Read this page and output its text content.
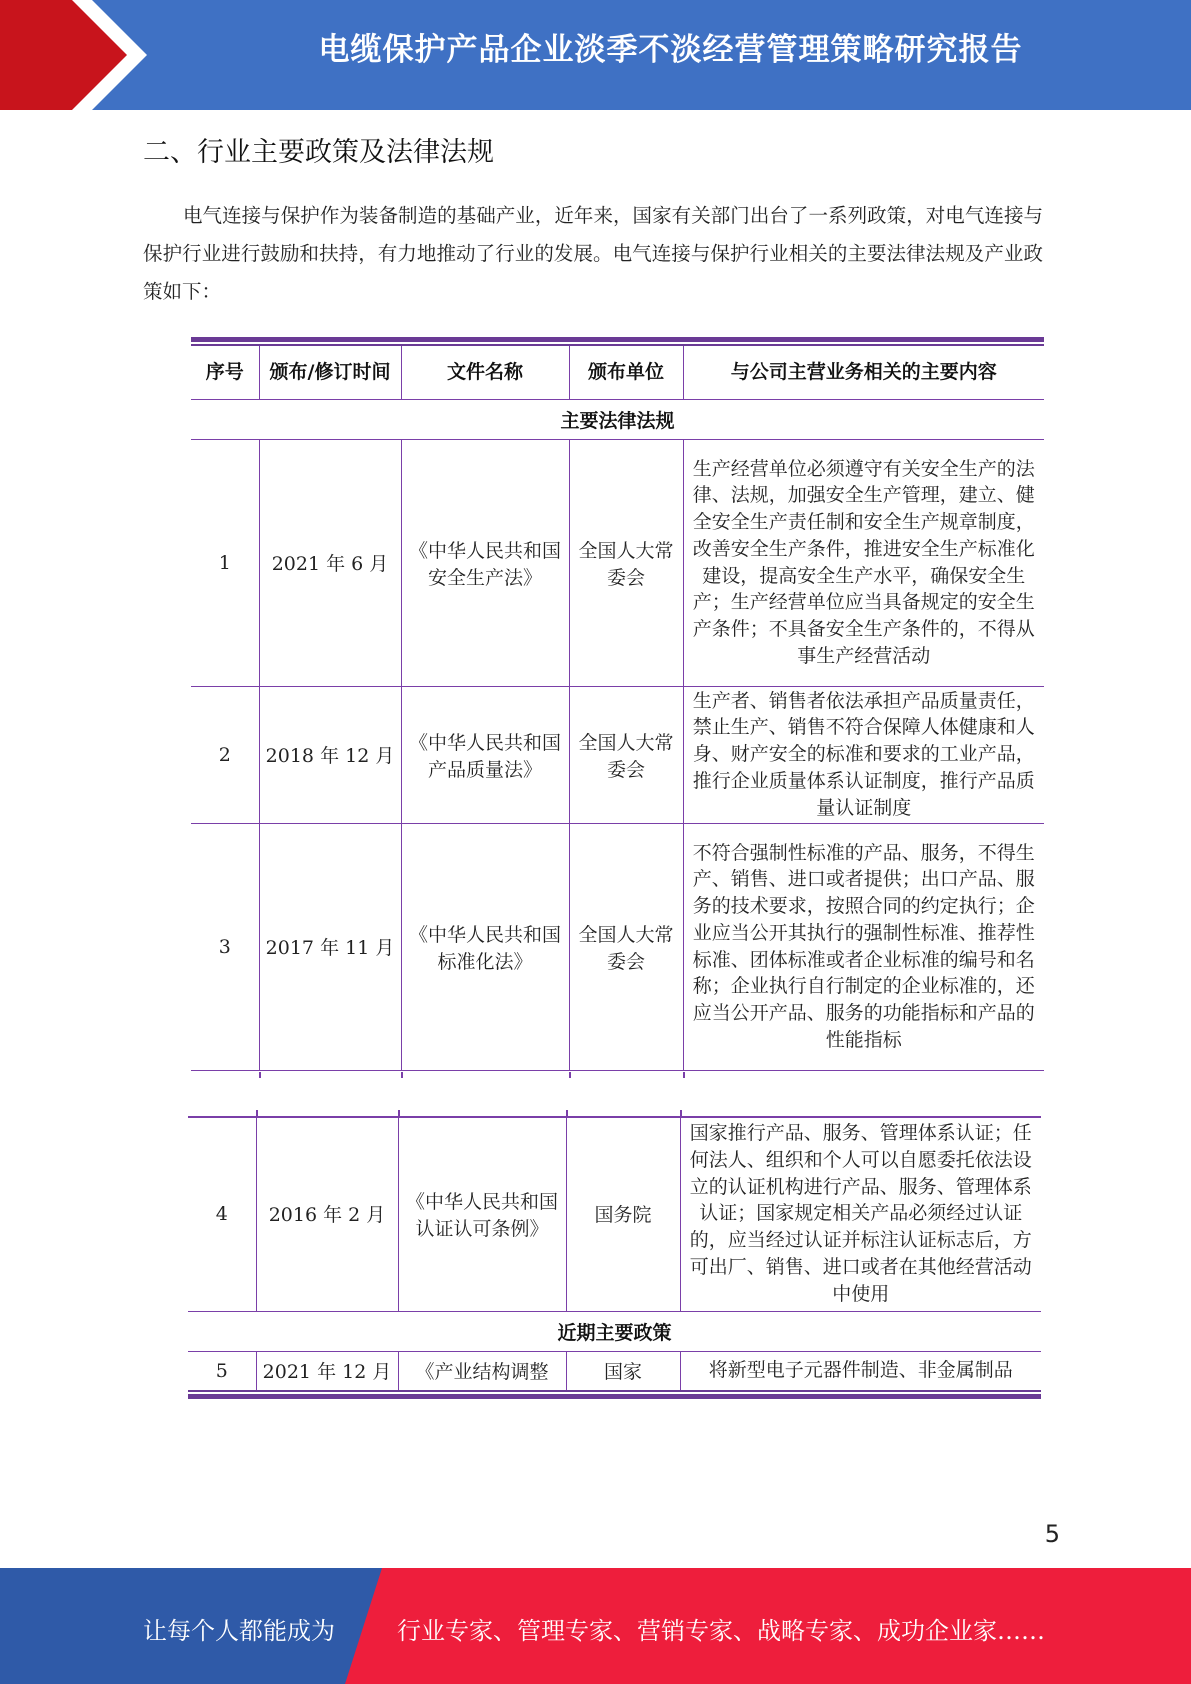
电缆保护产品企业淡季不淡经营管理策略研究报告
二、行业主要政策及法律法规
电气连接与保护作为装备制造的基础产业，近年来，国家有关部门出台了一系列政策，对电气连接与保护行业进行鼓励和扶持，有力地推动了行业的发展。电气连接与保护行业相关的主要法律法规及产业政策如下：
序号	颁布/修订时间	文件名称	颁布单位	与公司主营业务相关的主要内容
主要法律法规				
1	2021 年 6 月	《中华人民共和国安全生产法》	全国人大常委会	生产经营单位必须遵守有关安全生产的法律、法规，加强安全生产管理，建立、健全安全生产责任制和安全生产规章制度，改善安全生产条件，推进安全生产标准化建设，提高安全生产水平，确保安全生产；生产经营单位应当具备规定的安全生产条件；不具备安全生产条件的，不得从事生产经营活动
2	2018 年 12 月	《中华人民共和国产品质量法》	全国人大常委会	生产者、销售者依法承担产品质量责任，禁止生产、销售不符合保障人体健康和人身、财产安全的标准和要求的工业产品，推行企业质量体系认证制度，推行产品质量认证制度
3	2017 年 11 月	《中华人民共和国标准化法》	全国人大常委会	不符合强制性标准的产品、服务，不得生产、销售、进口或者提供；出口产品、服务的技术要求，按照合同的约定执行；企业应当公开其执行的强制性标准、推荐性标准、团体标准或者企业标准的编号和名称；企业执行自行制定的企业标准的，还应当公开产品、服务的功能指标和产品的性能指标
4	2016 年 2 月	《中华人民共和国认证认可条例》	国务院	国家推行产品、服务、管理体系认证；任何法人、组织和个人可以自愿委托依法设立的认证机构进行产品、服务、管理体系认证；国家规定相关产品必须经过认证的，应当经过认证并标注认证标志后，方可出厂、销售、进口或者在其他经营活动中使用
近期主要政策				
5	2021 年 12 月	《产业结构调整	国家	将新型电子元器件制造、非金属制品
5
让每个人都能成为	行业专家、管理专家、营销专家、战略专家、成功企业家……
